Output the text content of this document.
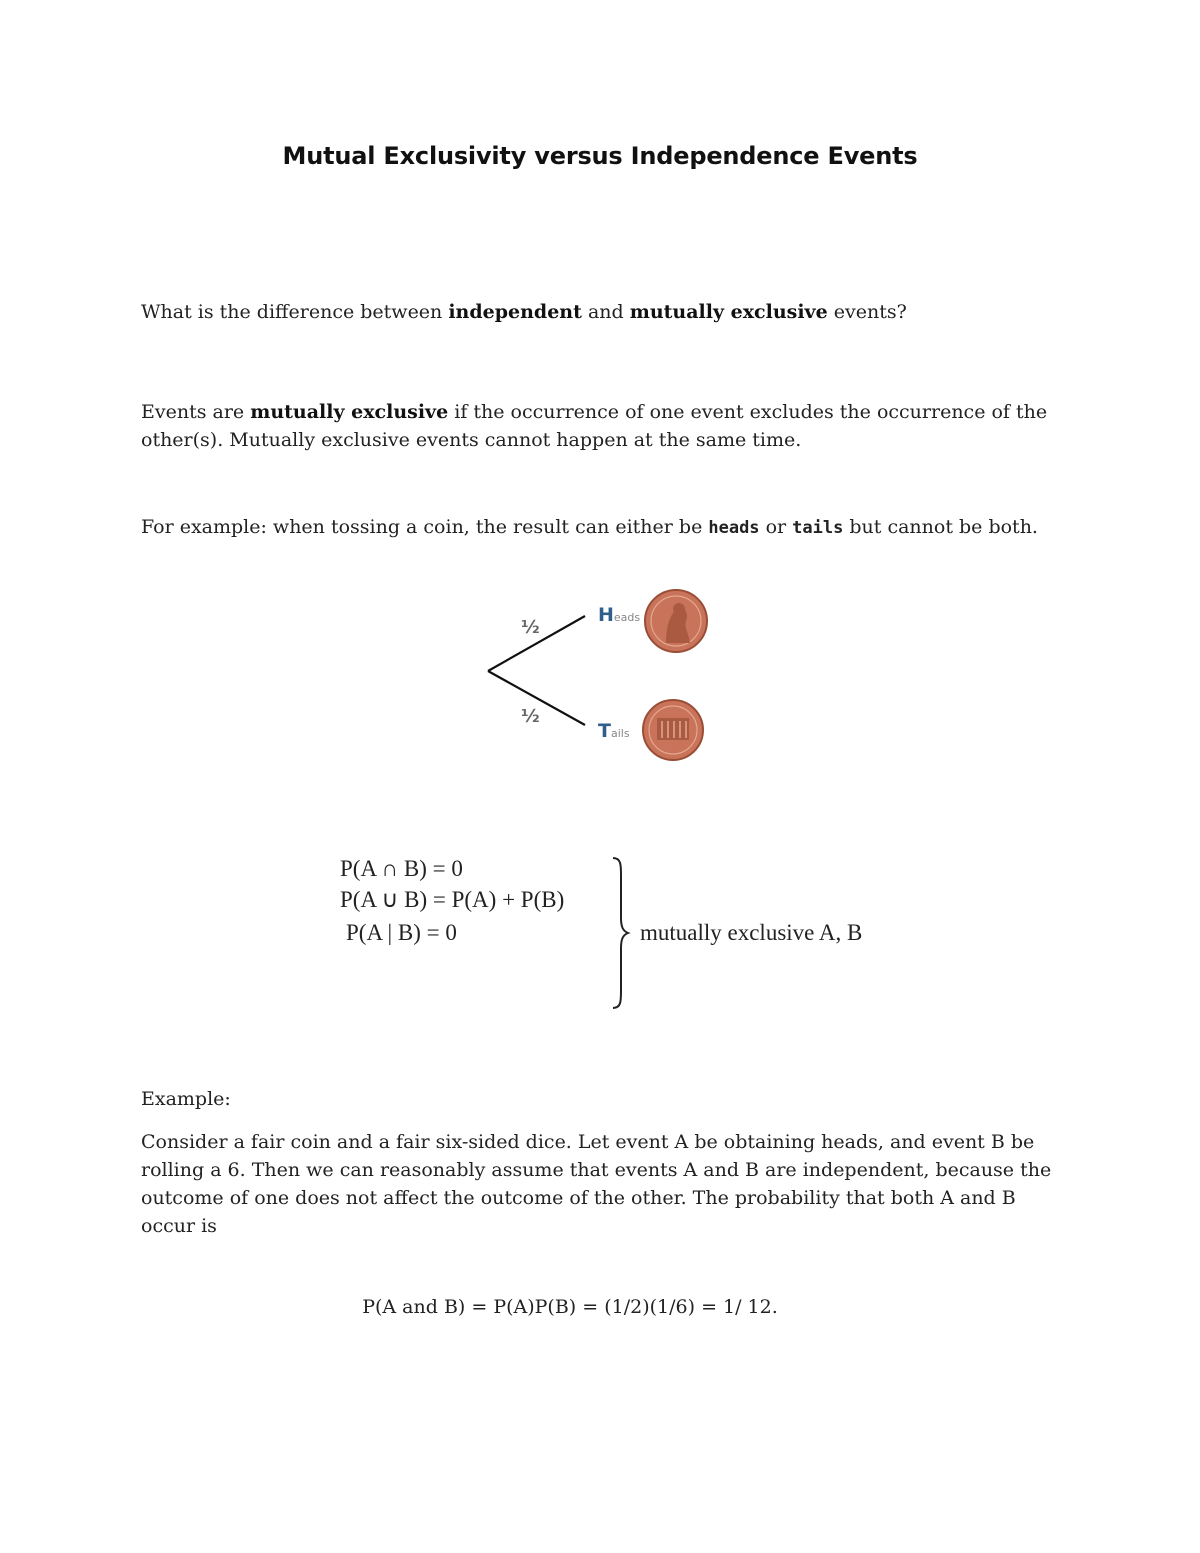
Mutual Exclusivity versus Independence Events
What is the difference between independent and mutually exclusive events?
Events are mutually exclusive if the occurrence of one event excludes the occurrence of the other(s). Mutually exclusive events cannot happen at the same time.
For example: when tossing a coin, the result can either be heads or tails but cannot be both.
½
½
Heads
Tails
P(A ∩ B) = 0
P(A ∪ B) = P(A) + P(B)
P(A | B) = 0	mutually exclusive A, B
Example:
Consider a fair coin and a fair six-sided dice. Let event A be obtaining heads, and event B be rolling a 6. Then we can reasonably assume that events A and B are independent, because the outcome of one does not affect the outcome of the other. The probability that both A and B occur is
P(A and B) = P(A)P(B) = (1/2)(1/6) = 1/ 12.
